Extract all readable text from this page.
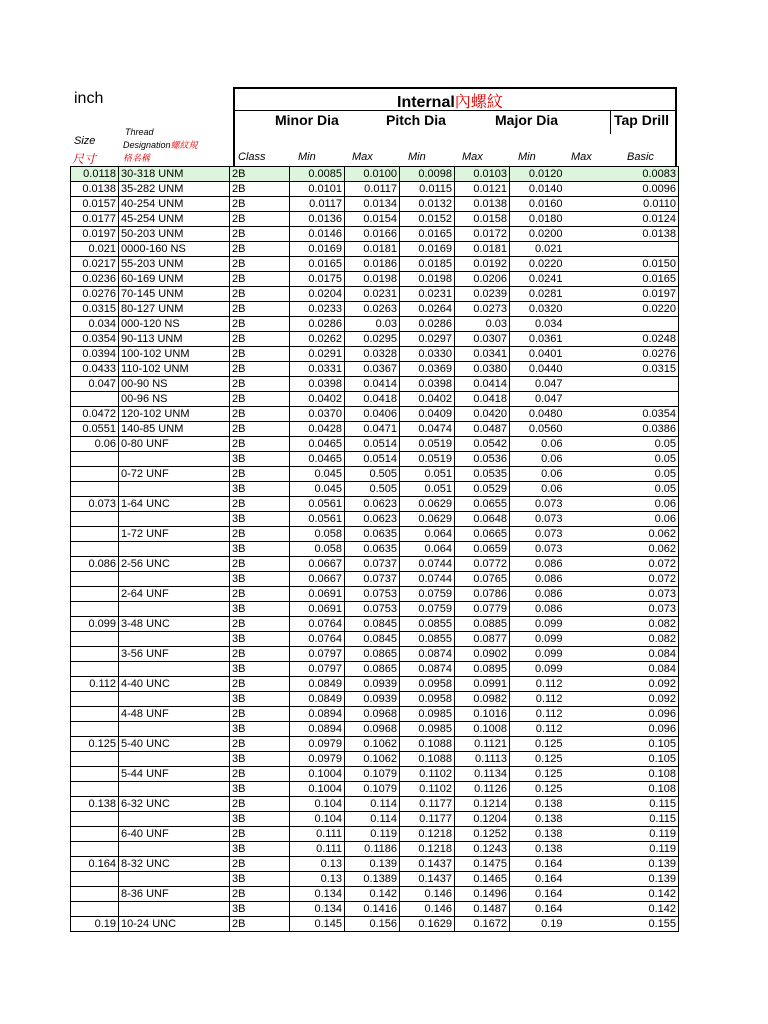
inch	Internal內螺紋
Minor Dia	Pitch Dia	Major Dia	Tap Drill
Size
尺寸
Thread
Designation螺紋規
格名稱	Class	Min	Max	Min	Max	Min	Max	Basic
0.0118	30-318 UNM	2B	0.0085	0.0100	0.0098	0.0103	0.0120		0.0083
0.0138	35-282 UNM	2B	0.0101	0.0117	0.0115	0.0121	0.0140		0.0096
0.0157	40-254 UNM	2B	0.0117	0.0134	0.0132	0.0138	0.0160		0.0110
0.0177	45-254 UNM	2B	0.0136	0.0154	0.0152	0.0158	0.0180		0.0124
0.0197	50-203 UNM	2B	0.0146	0.0166	0.0165	0.0172	0.0200		0.0138
0.021	0000-160 NS	2B	0.0169	0.0181	0.0169	0.0181	0.021		
0.0217	55-203 UNM	2B	0.0165	0.0186	0.0185	0.0192	0.0220		0.0150
0.0236	60-169 UNM	2B	0.0175	0.0198	0.0198	0.0206	0.0241		0.0165
0.0276	70-145 UNM	2B	0.0204	0.0231	0.0231	0.0239	0.0281		0.0197
0.0315	80-127 UNM	2B	0.0233	0.0263	0.0264	0.0273	0.0320		0.0220
0.034	000-120 NS	2B	0.0286	0.03	0.0286	0.03	0.034		
0.0354	90-113 UNM	2B	0.0262	0.0295	0.0297	0.0307	0.0361		0.0248
0.0394	100-102 UNM	2B	0.0291	0.0328	0.0330	0.0341	0.0401		0.0276
0.0433	110-102 UNM	2B	0.0331	0.0367	0.0369	0.0380	0.0440		0.0315
0.047	00-90 NS	2B	0.0398	0.0414	0.0398	0.0414	0.047		
	00-96 NS	2B	0.0402	0.0418	0.0402	0.0418	0.047		
0.0472	120-102 UNM	2B	0.0370	0.0406	0.0409	0.0420	0.0480		0.0354
0.0551	140-85 UNM	2B	0.0428	0.0471	0.0474	0.0487	0.0560		0.0386
0.06	0-80 UNF	2B	0.0465	0.0514	0.0519	0.0542	0.06		0.05
		3B	0.0465	0.0514	0.0519	0.0536	0.06		0.05
	0-72 UNF	2B	0.045	0.505	0.051	0.0535	0.06		0.05
		3B	0.045	0.505	0.051	0.0529	0.06		0.05
0.073	1-64 UNC	2B	0.0561	0.0623	0.0629	0.0655	0.073		0.06
		3B	0.0561	0.0623	0.0629	0.0648	0.073		0.06
	1-72 UNF	2B	0.058	0.0635	0.064	0.0665	0.073		0.062
		3B	0.058	0.0635	0.064	0.0659	0.073		0.062
0.086	2-56 UNC	2B	0.0667	0.0737	0.0744	0.0772	0.086		0.072
		3B	0.0667	0.0737	0.0744	0.0765	0.086		0.072
	2-64 UNF	2B	0.0691	0.0753	0.0759	0.0786	0.086		0.073
		3B	0.0691	0.0753	0.0759	0.0779	0.086		0.073
0.099	3-48 UNC	2B	0.0764	0.0845	0.0855	0.0885	0.099		0.082
		3B	0.0764	0.0845	0.0855	0.0877	0.099		0.082
	3-56 UNF	2B	0.0797	0.0865	0.0874	0.0902	0.099		0.084
		3B	0.0797	0.0865	0.0874	0.0895	0.099		0.084
0.112	4-40 UNC	2B	0.0849	0.0939	0.0958	0.0991	0.112		0.092
		3B	0.0849	0.0939	0.0958	0.0982	0.112		0.092
	4-48 UNF	2B	0.0894	0.0968	0.0985	0.1016	0.112		0.096
		3B	0.0894	0.0968	0.0985	0.1008	0.112		0.096
0.125	5-40 UNC	2B	0.0979	0.1062	0.1088	0.1121	0.125		0.105
		3B	0.0979	0.1062	0.1088	0.1113	0.125		0.105
	5-44 UNF	2B	0.1004	0.1079	0.1102	0.1134	0.125		0.108
		3B	0.1004	0.1079	0.1102	0.1126	0.125		0.108
0.138	6-32 UNC	2B	0.104	0.114	0.1177	0.1214	0.138		0.115
		3B	0.104	0.114	0.1177	0.1204	0.138		0.115
	6-40 UNF	2B	0.111	0.119	0.1218	0.1252	0.138		0.119
		3B	0.111	0.1186	0.1218	0.1243	0.138		0.119
0.164	8-32 UNC	2B	0.13	0.139	0.1437	0.1475	0.164		0.139
		3B	0.13	0.1389	0.1437	0.1465	0.164		0.139
	8-36 UNF	2B	0.134	0.142	0.146	0.1496	0.164		0.142
		3B	0.134	0.1416	0.146	0.1487	0.164		0.142
0.19	10-24 UNC	2B	0.145	0.156	0.1629	0.1672	0.19		0.155
